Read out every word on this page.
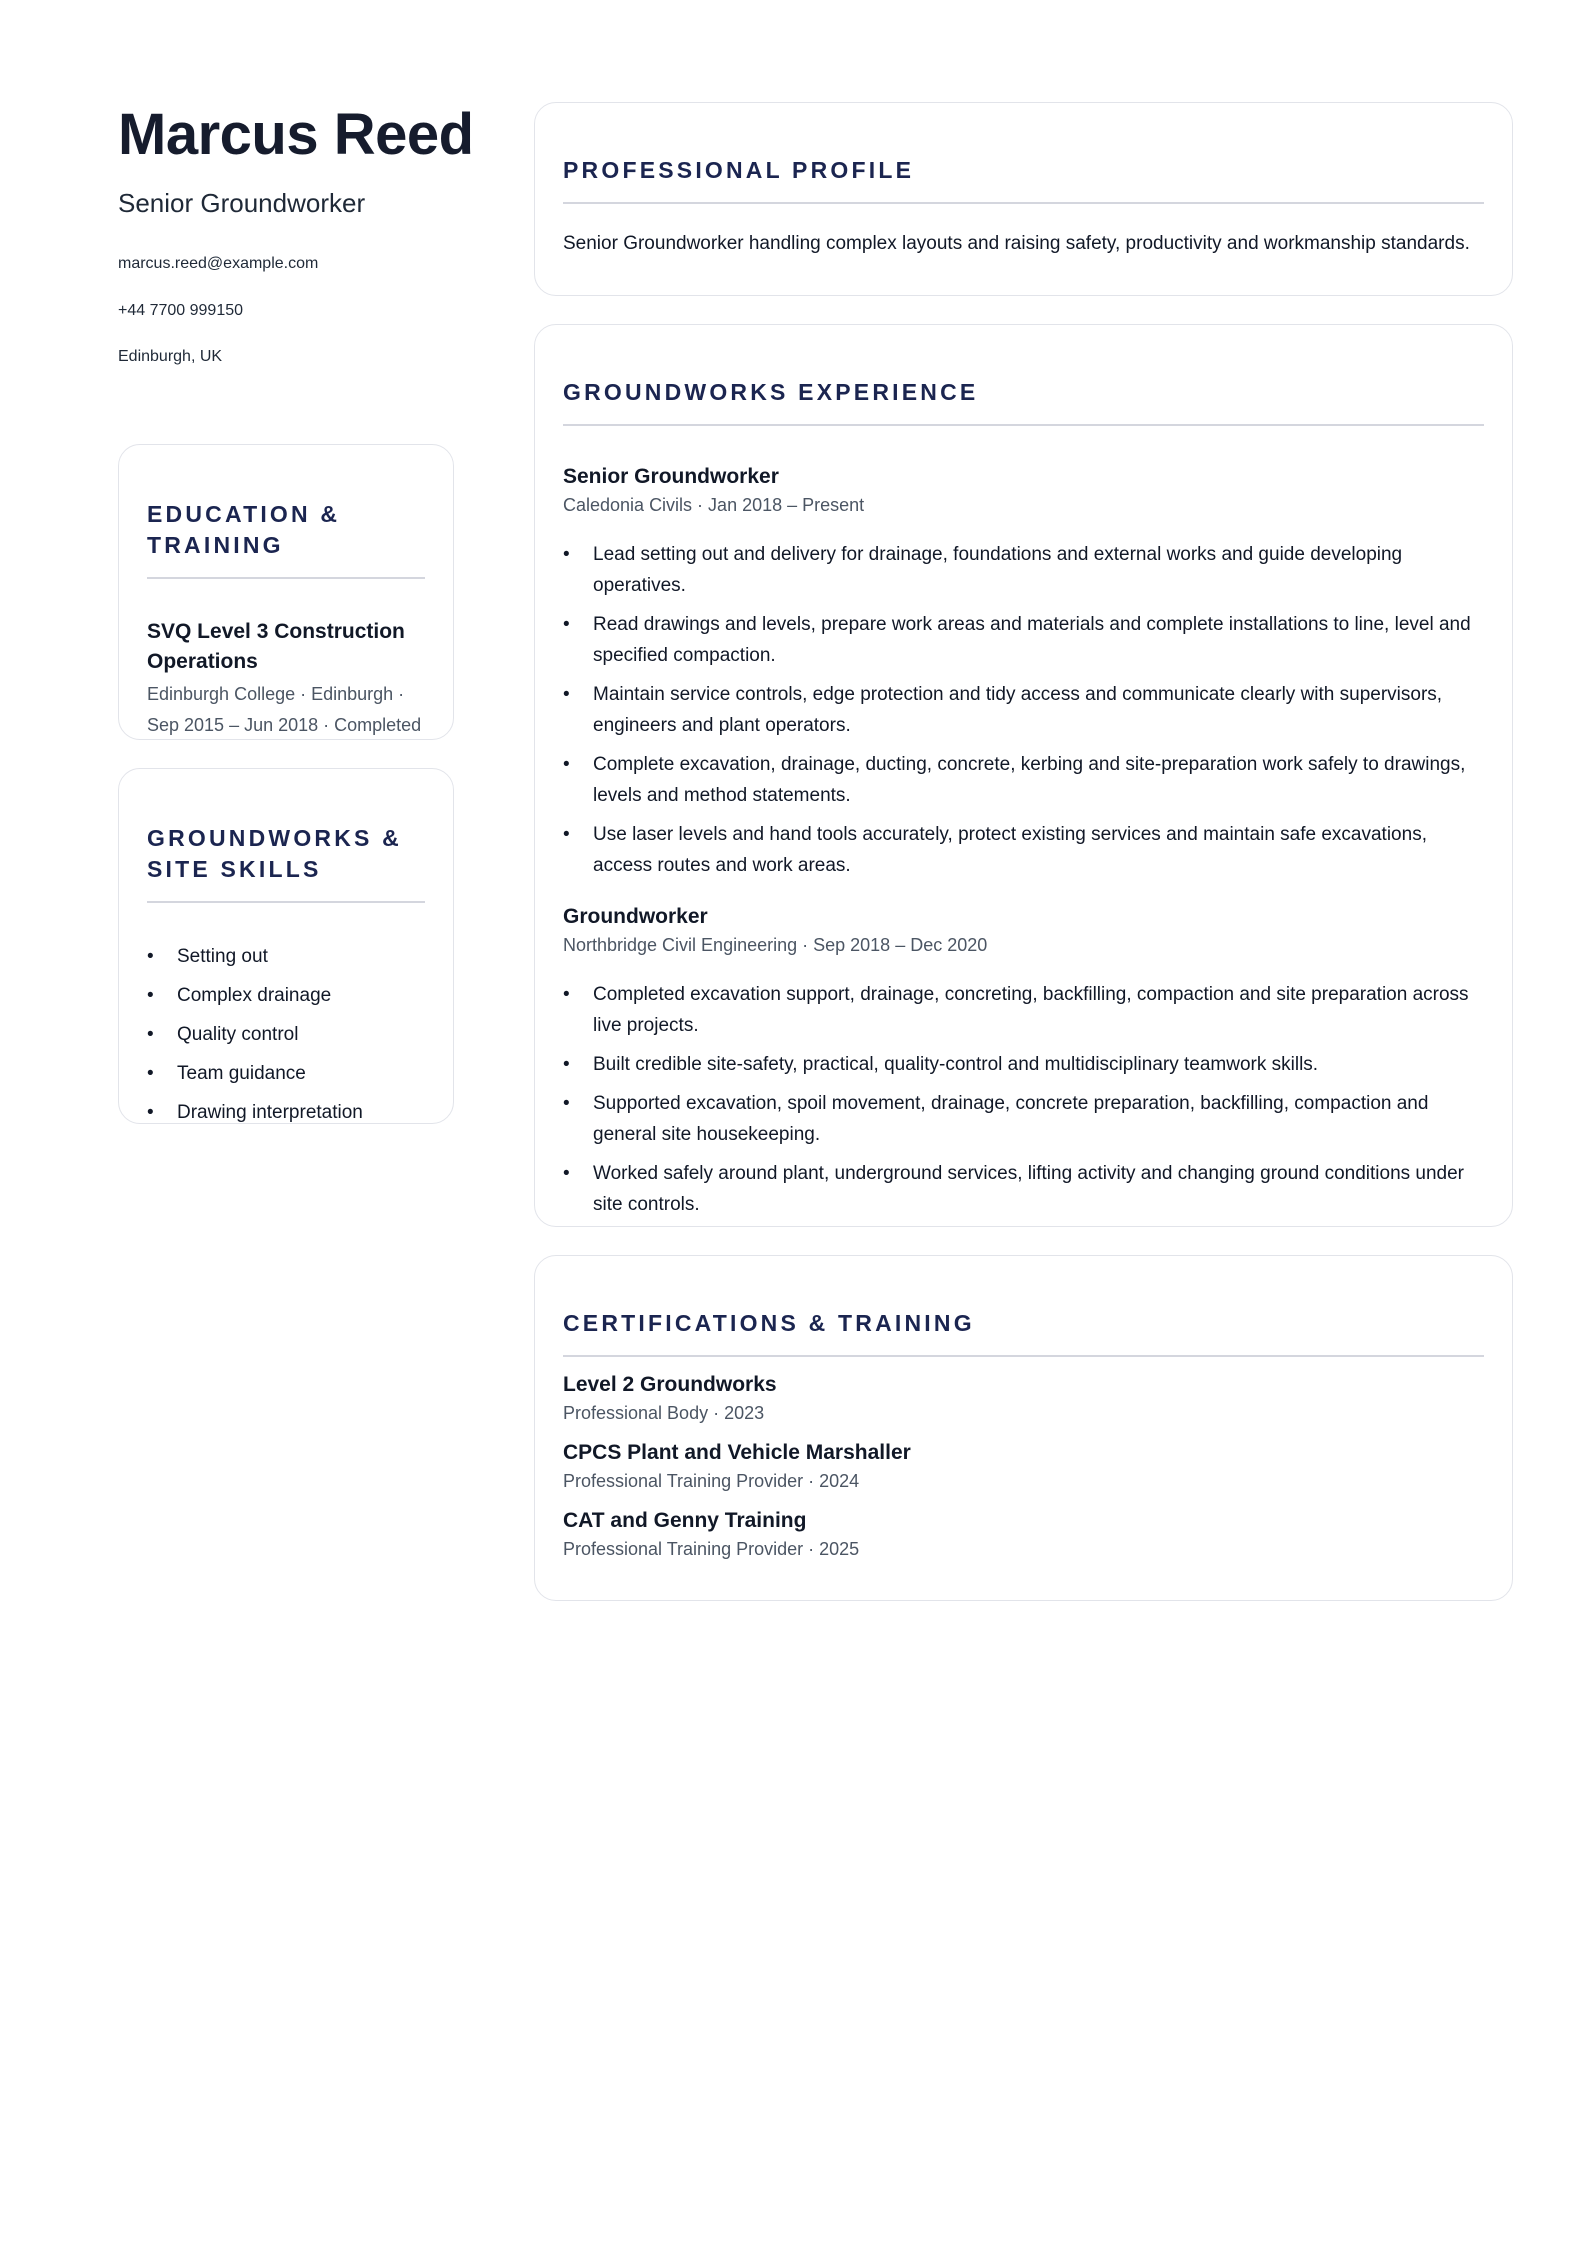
Marcus Reed
Senior Groundworker
marcus.reed@example.com
+44 7700 999150
Edinburgh, UK
EDUCATION & TRAINING
SVQ Level 3 Construction Operations
Edinburgh College · Edinburgh · Sep 2015 – Jun 2018 · Completed
GROUNDWORKS & SITE SKILLS
• Setting out
• Complex drainage
• Quality control
• Team guidance
• Drawing interpretation
PROFESSIONAL PROFILE
Senior Groundworker handling complex layouts and raising safety, productivity and workmanship standards.
GROUNDWORKS EXPERIENCE
Senior Groundworker
Caledonia Civils · Jan 2018 – Present
• Lead setting out and delivery for drainage, foundations and external works and guide developing operatives.
• Read drawings and levels, prepare work areas and materials and complete installations to line, level and specified compaction.
• Maintain service controls, edge protection and tidy access and communicate clearly with supervisors, engineers and plant operators.
• Complete excavation, drainage, ducting, concrete, kerbing and site-preparation work safely to drawings, levels and method statements.
• Use laser levels and hand tools accurately, protect existing services and maintain safe excavations, access routes and work areas.
Groundworker
Northbridge Civil Engineering · Sep 2018 – Dec 2020
• Completed excavation support, drainage, concreting, backfilling, compaction and site preparation across live projects.
• Built credible site-safety, practical, quality-control and multidisciplinary teamwork skills.
• Supported excavation, spoil movement, drainage, concrete preparation, backfilling, compaction and general site housekeeping.
• Worked safely around plant, underground services, lifting activity and changing ground conditions under site controls.
CERTIFICATIONS & TRAINING
Level 2 Groundworks
Professional Body · 2023
CPCS Plant and Vehicle Marshaller
Professional Training Provider · 2024
CAT and Genny Training
Professional Training Provider · 2025
